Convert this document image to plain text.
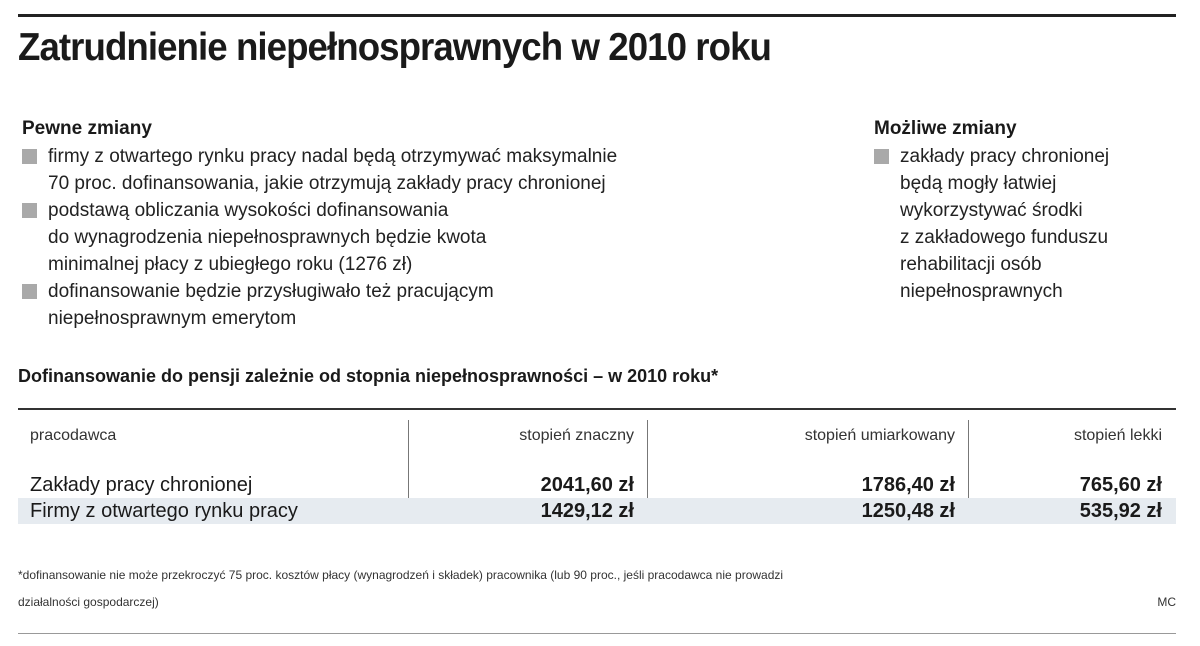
Zatrudnienie niepełnosprawnych w 2010 roku
Pewne zmiany
firmy z otwartego rynku pracy nadal będą otrzymywać maksymalnie
70 proc. dofinansowania, jakie otrzymują zakłady pracy chronionej
podstawą obliczania wysokości dofinansowania
do wynagrodzenia niepełnosprawnych będzie kwota
minimalnej płacy z ubiegłego roku (1276 zł)
dofinansowanie będzie przysługiwało też pracującym
niepełnosprawnym emerytom
Możliwe zmiany
zakłady pracy chronionej
będą mogły łatwiej
wykorzystywać środki
z zakładowego funduszu
rehabilitacji osób
niepełnosprawnych
Dofinansowanie do pensji zależnie od stopnia niepełnosprawności – w 2010 roku*
pracodawca	stopień znaczny	stopień umiarkowany	stopień lekki
Zakłady pracy chronionej	2041,60 zł	1786,40 zł	765,60 zł
Firmy z otwartego rynku pracy	1429,12 zł	1250,48 zł	535,92 zł
*dofinansowanie nie może przekroczyć 75 proc. kosztów płacy (wynagrodzeń i składek) pracownika (lub 90 proc., jeśli pracodawca nie prowadzi
działalności gospodarczej)	MC
